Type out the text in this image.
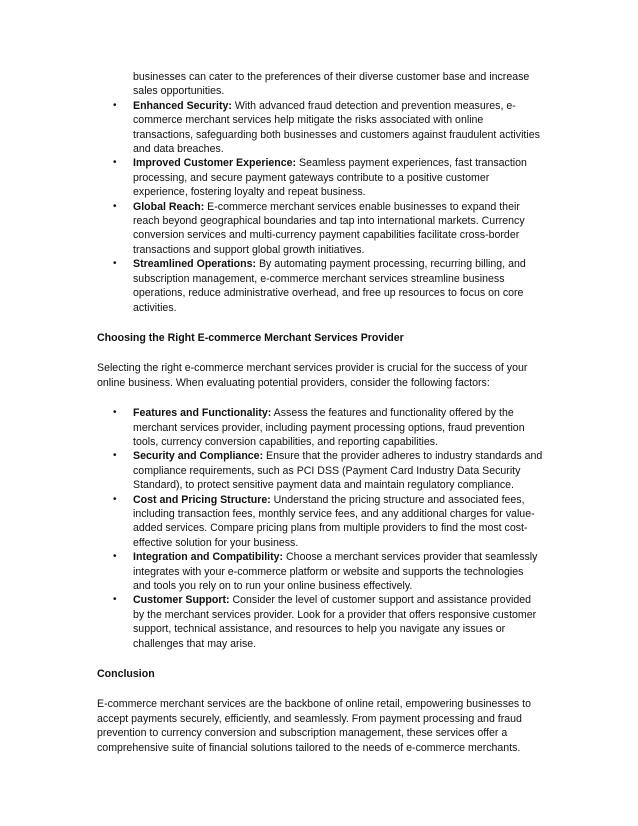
businesses can cater to the preferences of their diverse customer base and increase sales opportunities.

• Enhanced Security: With advanced fraud detection and prevention measures, e-commerce merchant services help mitigate the risks associated with online transactions, safeguarding both businesses and customers against fraudulent activities and data breaches.
• Improved Customer Experience: Seamless payment experiences, fast transaction processing, and secure payment gateways contribute to a positive customer experience, fostering loyalty and repeat business.
• Global Reach: E-commerce merchant services enable businesses to expand their reach beyond geographical boundaries and tap into international markets. Currency conversion services and multi-currency payment capabilities facilitate cross-border transactions and support global growth initiatives.
• Streamlined Operations: By automating payment processing, recurring billing, and subscription management, e-commerce merchant services streamline business operations, reduce administrative overhead, and free up resources to focus on core activities.

Choosing the Right E-commerce Merchant Services Provider

Selecting the right e-commerce merchant services provider is crucial for the success of your online business. When evaluating potential providers, consider the following factors:

• Features and Functionality: Assess the features and functionality offered by the merchant services provider, including payment processing options, fraud prevention tools, currency conversion capabilities, and reporting capabilities.
• Security and Compliance: Ensure that the provider adheres to industry standards and compliance requirements, such as PCI DSS (Payment Card Industry Data Security Standard), to protect sensitive payment data and maintain regulatory compliance.
• Cost and Pricing Structure: Understand the pricing structure and associated fees, including transaction fees, monthly service fees, and any additional charges for value-added services. Compare pricing plans from multiple providers to find the most cost-effective solution for your business.
• Integration and Compatibility: Choose a merchant services provider that seamlessly integrates with your e-commerce platform or website and supports the technologies and tools you rely on to run your online business effectively.
• Customer Support: Consider the level of customer support and assistance provided by the merchant services provider. Look for a provider that offers responsive customer support, technical assistance, and resources to help you navigate any issues or challenges that may arise.

Conclusion

E-commerce merchant services are the backbone of online retail, empowering businesses to accept payments securely, efficiently, and seamlessly. From payment processing and fraud prevention to currency conversion and subscription management, these services offer a comprehensive suite of financial solutions tailored to the needs of e-commerce merchants.
